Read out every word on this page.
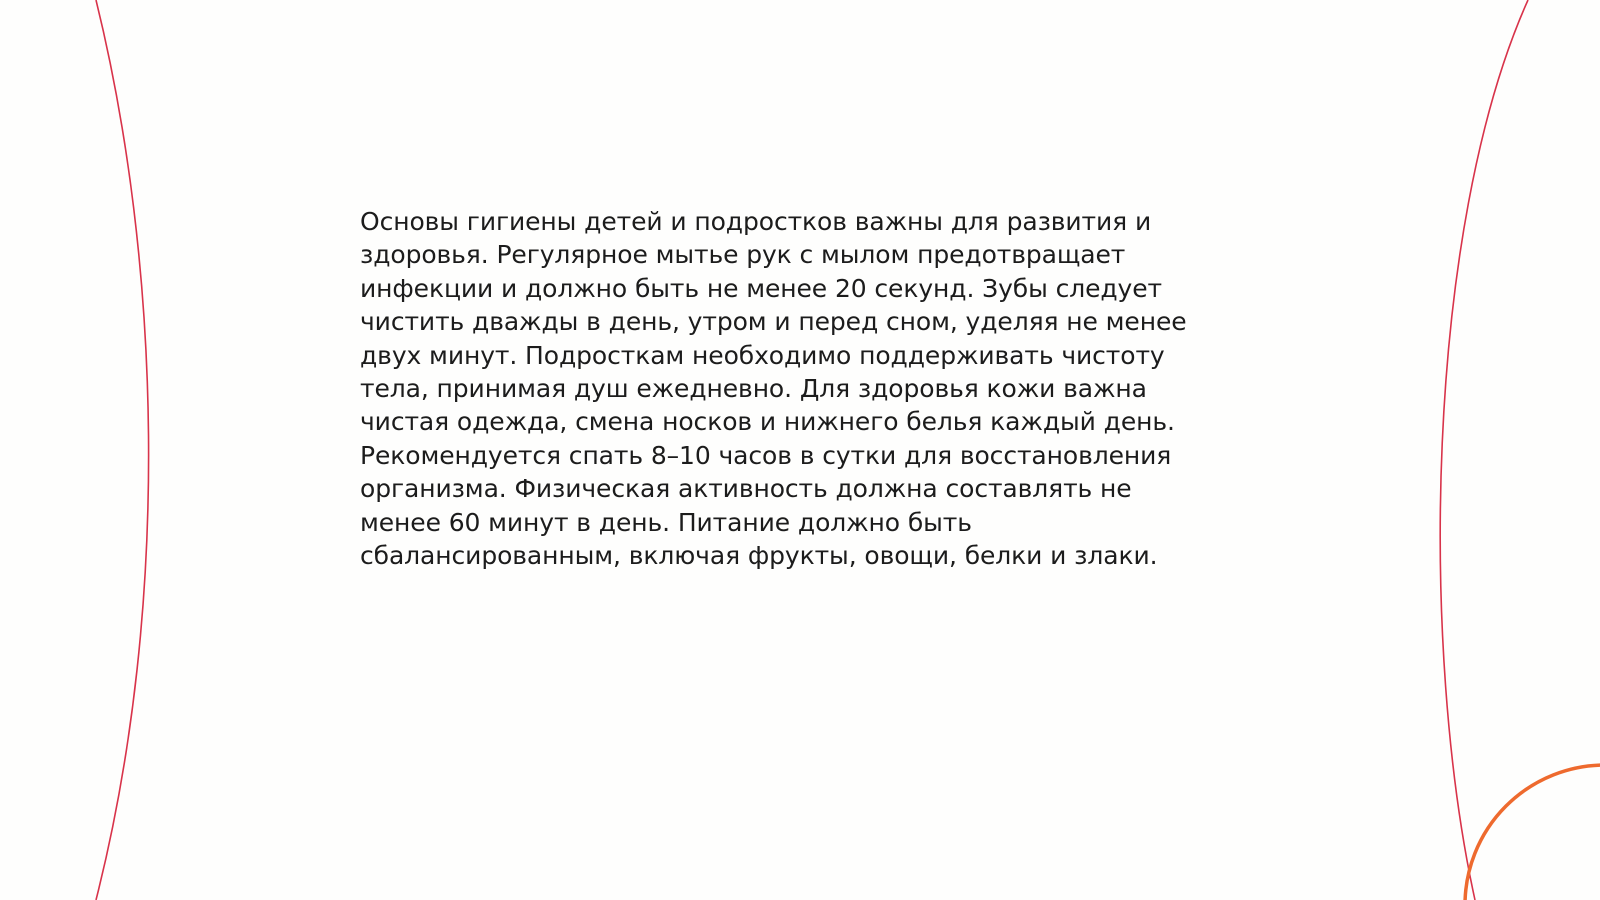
Основы гигиены детей и подростков важны для развития и
здоровья. Регулярное мытье рук с мылом предотвращает
инфекции и должно быть не менее 20 секунд. Зубы следует
чистить дважды в день, утром и перед сном, уделяя не менее
двух минут. Подросткам необходимо поддерживать чистоту
тела, принимая душ ежедневно. Для здоровья кожи важна
чистая одежда, смена носков и нижнего белья каждый день.
Рекомендуется спать 8–10 часов в сутки для восстановления
организма. Физическая активность должна составлять не
менее 60 минут в день. Питание должно быть
сбалансированным, включая фрукты, овощи, белки и злаки.
